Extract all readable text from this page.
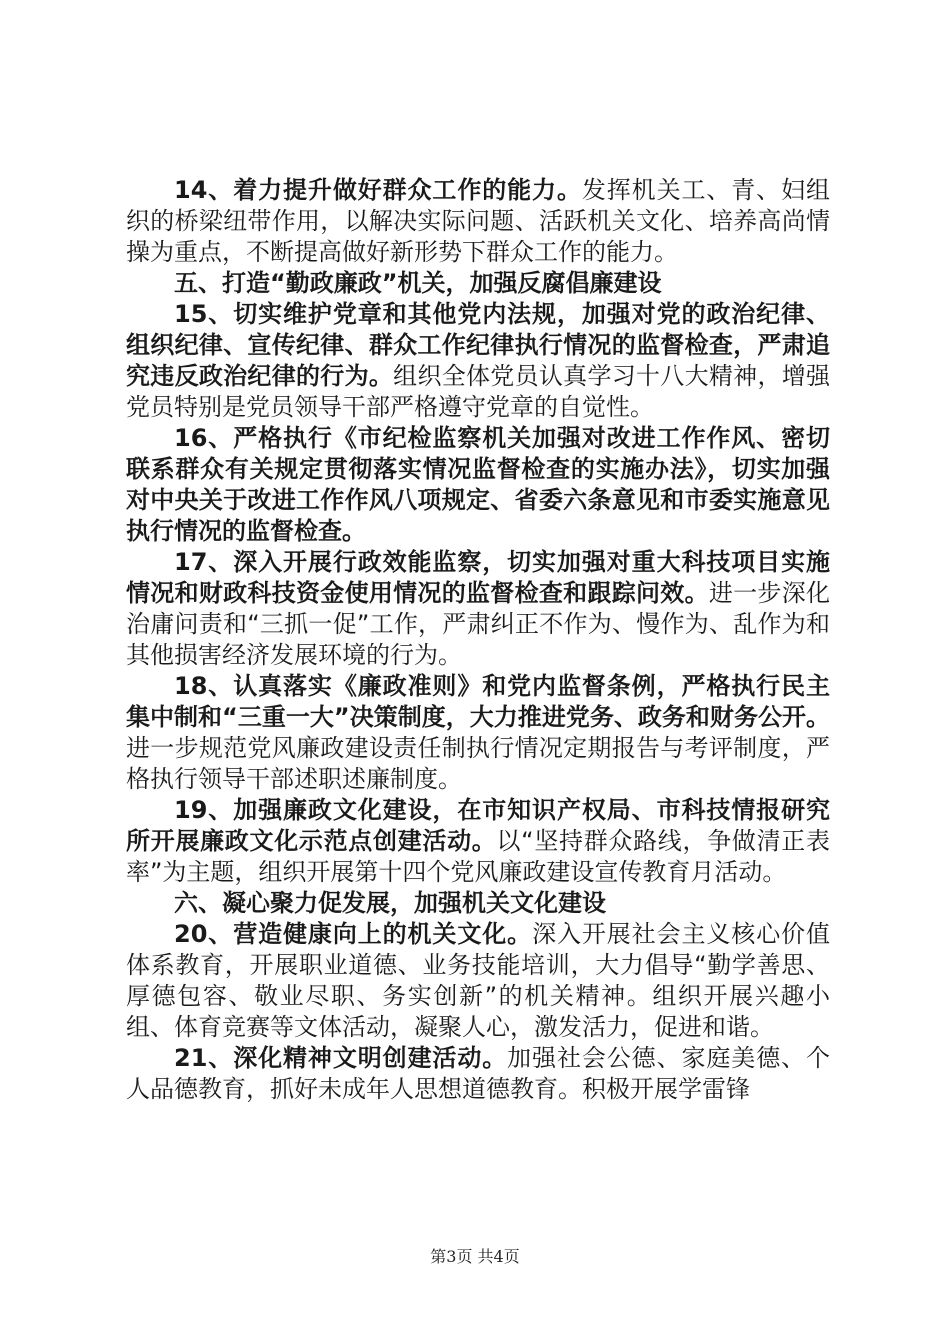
14、着力提升做好群众工作的能力。发挥机关工、青、妇组织的桥梁纽带作用，以解决实际问题、活跃机关文化、培养高尚情操为重点，不断提高做好新形势下群众工作的能力。

五、打造“勤政廉政”机关，加强反腐倡廉建设

15、切实维护党章和其他党内法规，加强对党的政治纪律、组织纪律、宣传纪律、群众工作纪律执行情况的监督检查，严肃追究违反政治纪律的行为。组织全体党员认真学习十八大精神，增强党员特别是党员领导干部严格遵守党章的自觉性。

16、严格执行《市纪检监察机关加强对改进工作作风、密切联系群众有关规定贯彻落实情况监督检查的实施办法》，切实加强对中央关于改进工作作风八项规定、省委六条意见和市委实施意见执行情况的监督检查。

17、深入开展行政效能监察，切实加强对重大科技项目实施情况和财政科技资金使用情况的监督检查和跟踪问效。进一步深化治庸问责和“三抓一促”工作，严肃纠正不作为、慢作为、乱作为和其他损害经济发展环境的行为。

18、认真落实《廉政准则》和党内监督条例，严格执行民主集中制和“三重一大”决策制度，大力推进党务、政务和财务公开。进一步规范党风廉政建设责任制执行情况定期报告与考评制度，严格执行领导干部述职述廉制度。

19、加强廉政文化建设，在市知识产权局、市科技情报研究所开展廉政文化示范点创建活动。以“坚持群众路线，争做清正表率”为主题，组织开展第十四个党风廉政建设宣传教育月活动。

六、凝心聚力促发展，加强机关文化建设

20、营造健康向上的机关文化。深入开展社会主义核心价值体系教育，开展职业道德、业务技能培训，大力倡导“勤学善思、厚德包容、敬业尽职、务实创新”的机关精神。组织开展兴趣小组、体育竞赛等文体活动，凝聚人心，激发活力，促进和谐。

21、深化精神文明创建活动。加强社会公德、家庭美德、个人品德教育，抓好未成年人思想道德教育。积极开展学雷锋

第3页 共4页
